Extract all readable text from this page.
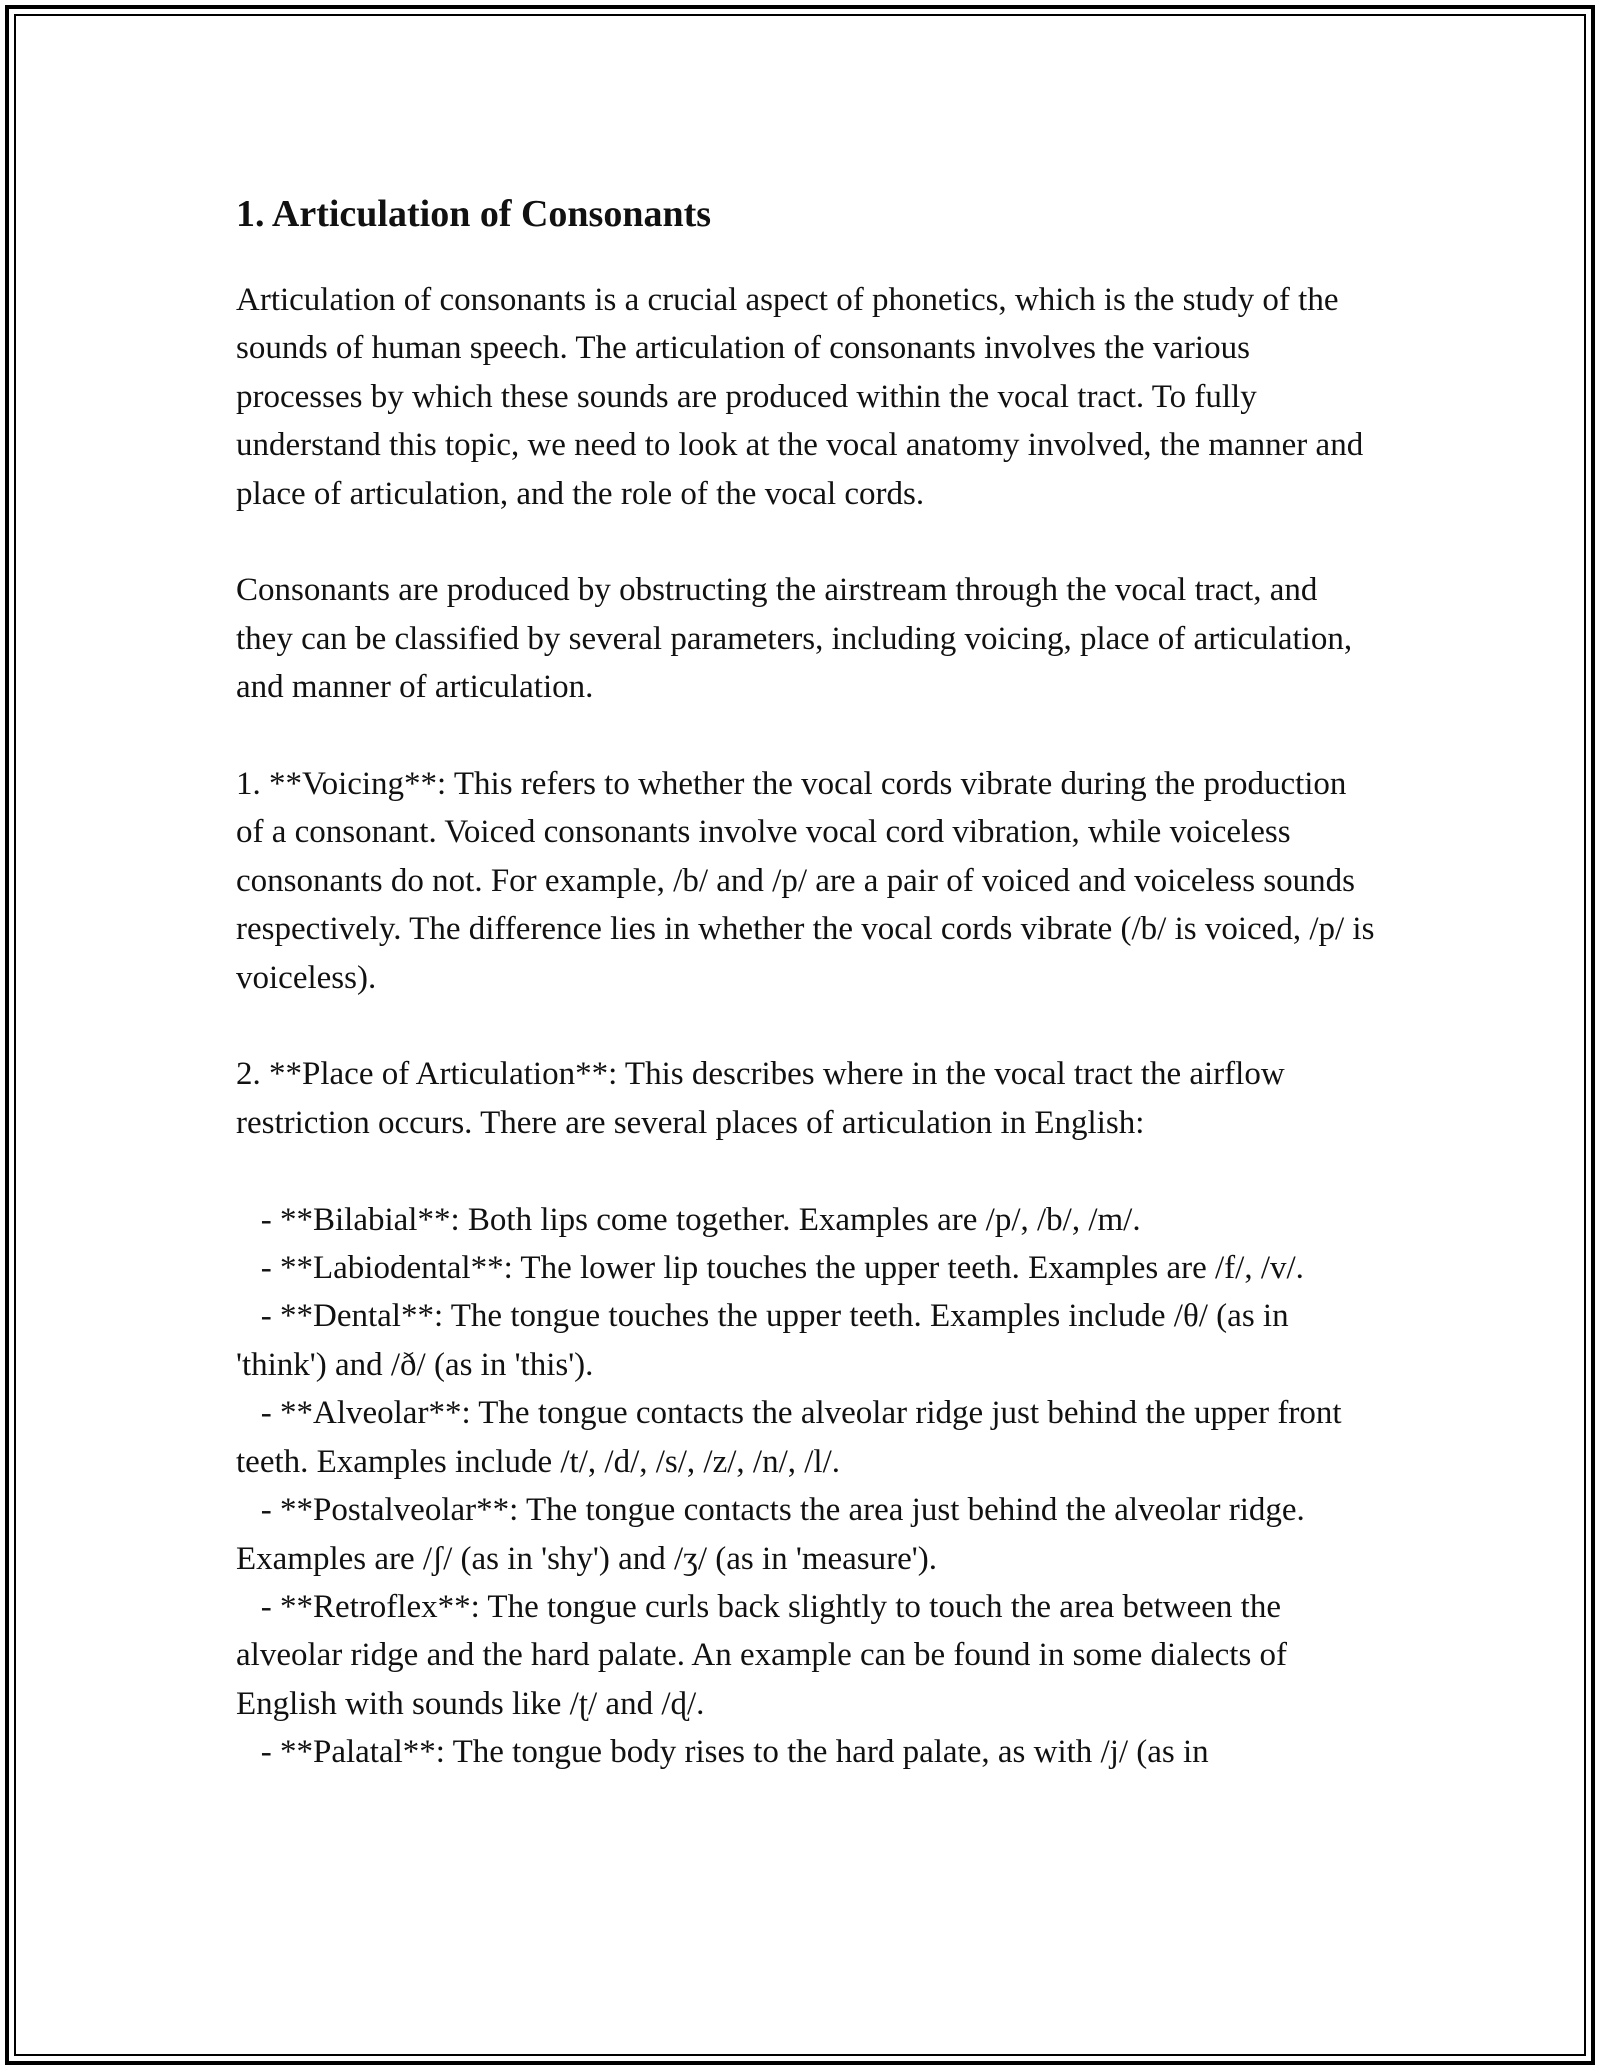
1. Articulation of Consonants

Articulation of consonants is a crucial aspect of phonetics, which is the study of the sounds of human speech. The articulation of consonants involves the various processes by which these sounds are produced within the vocal tract. To fully understand this topic, we need to look at the vocal anatomy involved, the manner and place of articulation, and the role of the vocal cords.

Consonants are produced by obstructing the airstream through the vocal tract, and they can be classified by several parameters, including voicing, place of articulation, and manner of articulation.

1. **Voicing**: This refers to whether the vocal cords vibrate during the production of a consonant. Voiced consonants involve vocal cord vibration, while voiceless consonants do not. For example, /b/ and /p/ are a pair of voiced and voiceless sounds respectively. The difference lies in whether the vocal cords vibrate (/b/ is voiced, /p/ is voiceless).

2. **Place of Articulation**: This describes where in the vocal tract the airflow restriction occurs. There are several places of articulation in English:

- **Bilabial**: Both lips come together. Examples are /p/, /b/, /m/.

- **Labiodental**: The lower lip touches the upper teeth. Examples are /f/, /v/.

- **Dental**: The tongue touches the upper teeth. Examples include /θ/ (as in 'think') and /ð/ (as in 'this').

- **Alveolar**: The tongue contacts the alveolar ridge just behind the upper front teeth. Examples include /t/, /d/, /s/, /z/, /n/, /l/.

- **Postalveolar**: The tongue contacts the area just behind the alveolar ridge. Examples are /ʃ/ (as in 'shy') and /ʒ/ (as in 'measure').

- **Retroflex**: The tongue curls back slightly to touch the area between the alveolar ridge and the hard palate. An example can be found in some dialects of English with sounds like /ʈ/ and /ɖ/.

- **Palatal**: The tongue body rises to the hard palate, as with /j/ (as in
